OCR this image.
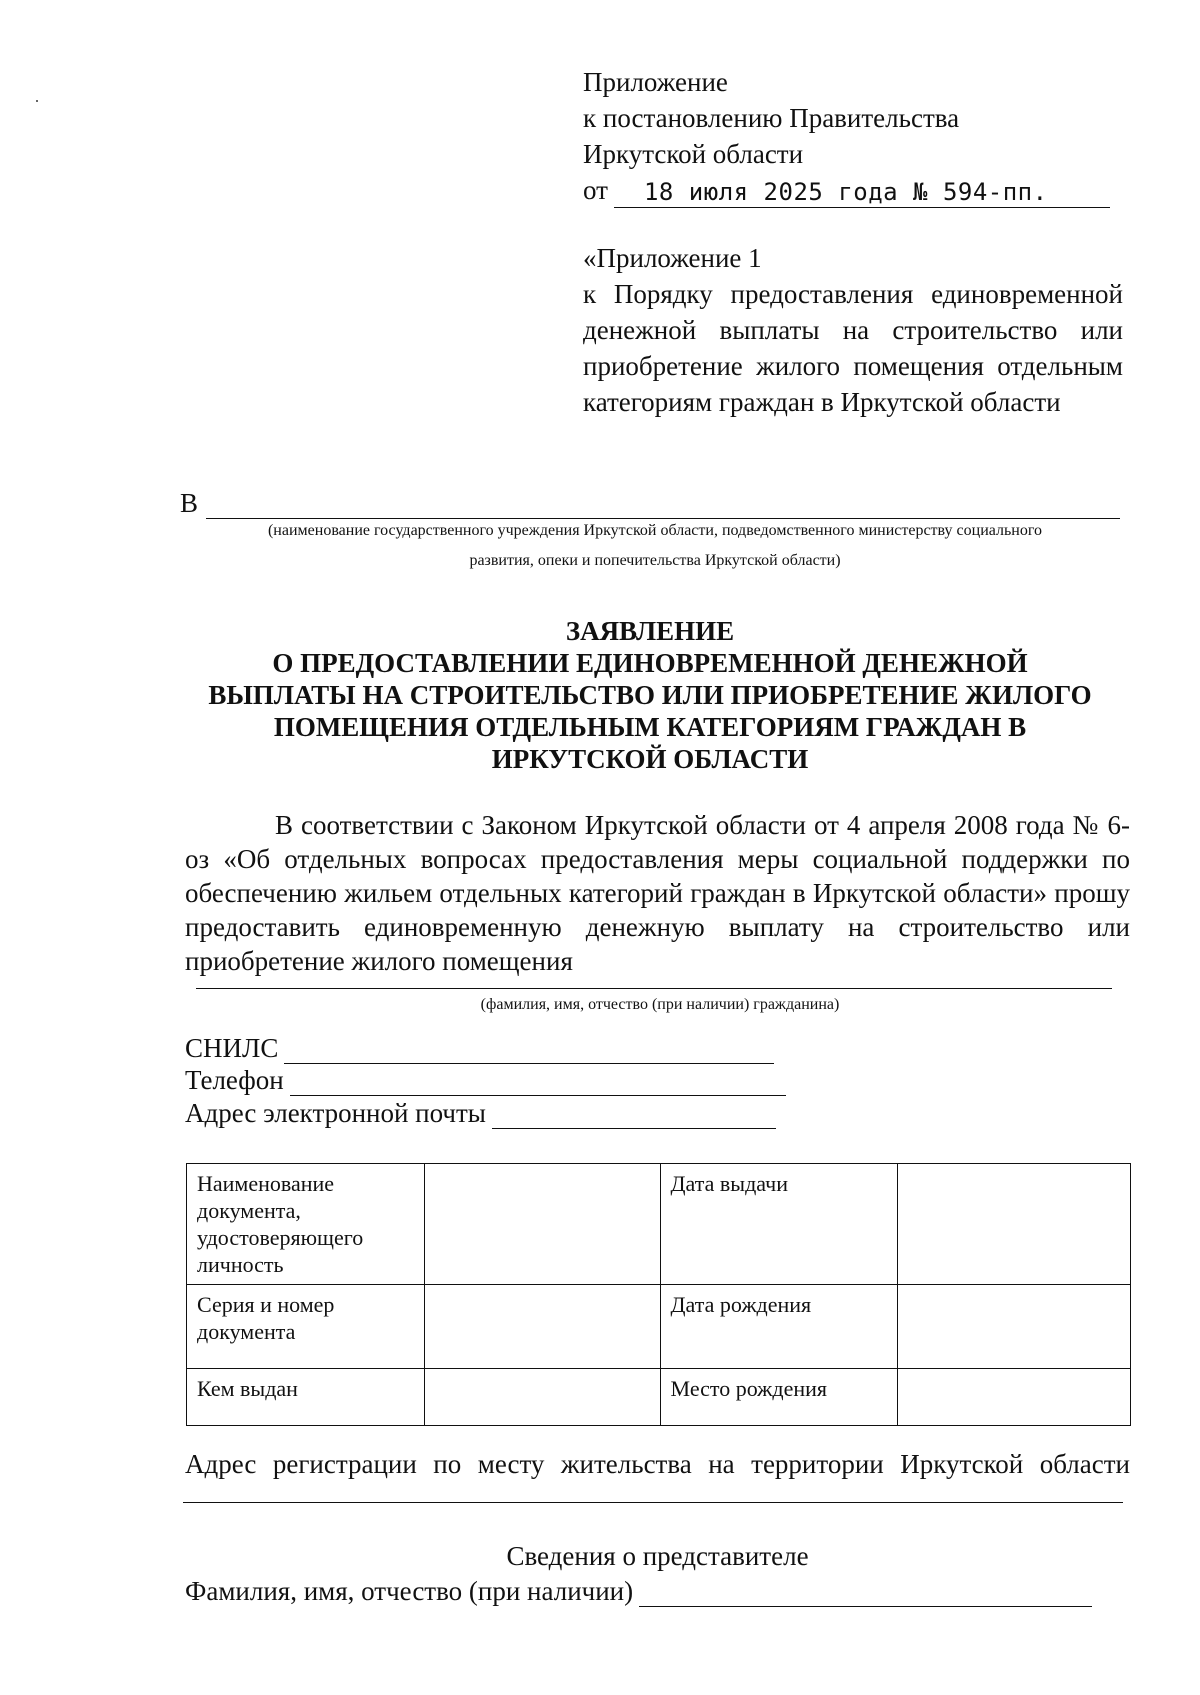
Приложение
к постановлению Правительства
Иркутской области
от	18 июля 2025 года № 594-пп.
«Приложение 1
к Порядку предоставления единовременной денежной выплаты на строительство или приобретение жилого помещения отдельным категориям граждан в Иркутской области
В
(наименование государственного учреждения Иркутской области, подведомственного министерству социального
развития, опеки и попечительства Иркутской области)
ЗАЯВЛЕНИЕ
О ПРЕДОСТАВЛЕНИИ ЕДИНОВРЕМЕННОЙ ДЕНЕЖНОЙ
ВЫПЛАТЫ НА СТРОИТЕЛЬСТВО ИЛИ ПРИОБРЕТЕНИЕ ЖИЛОГО
ПОМЕЩЕНИЯ ОТДЕЛЬНЫМ КАТЕГОРИЯМ ГРАЖДАН В
ИРКУТСКОЙ ОБЛАСТИ
В соответствии с Законом Иркутской области от 4 апреля 2008 года № 6-оз «Об отдельных вопросах предоставления меры социальной поддержки по обеспечению жильем отдельных категорий граждан в Иркутской области» прошу предоставить единовременную денежную выплату на строительство или приобретение жилого помещения
(фамилия, имя, отчество (при наличии) гражданина)
СНИЛС
Телефон
Адрес электронной почты
Наименование документа, удостоверяющего личность		Дата выдачи	
Серия и номер документа		Дата рождения	
Кем выдан		Место рождения	
Адрес регистрации по месту жительства на территории Иркутской области
Сведения о представителе
Фамилия, имя, отчество (при наличии)
